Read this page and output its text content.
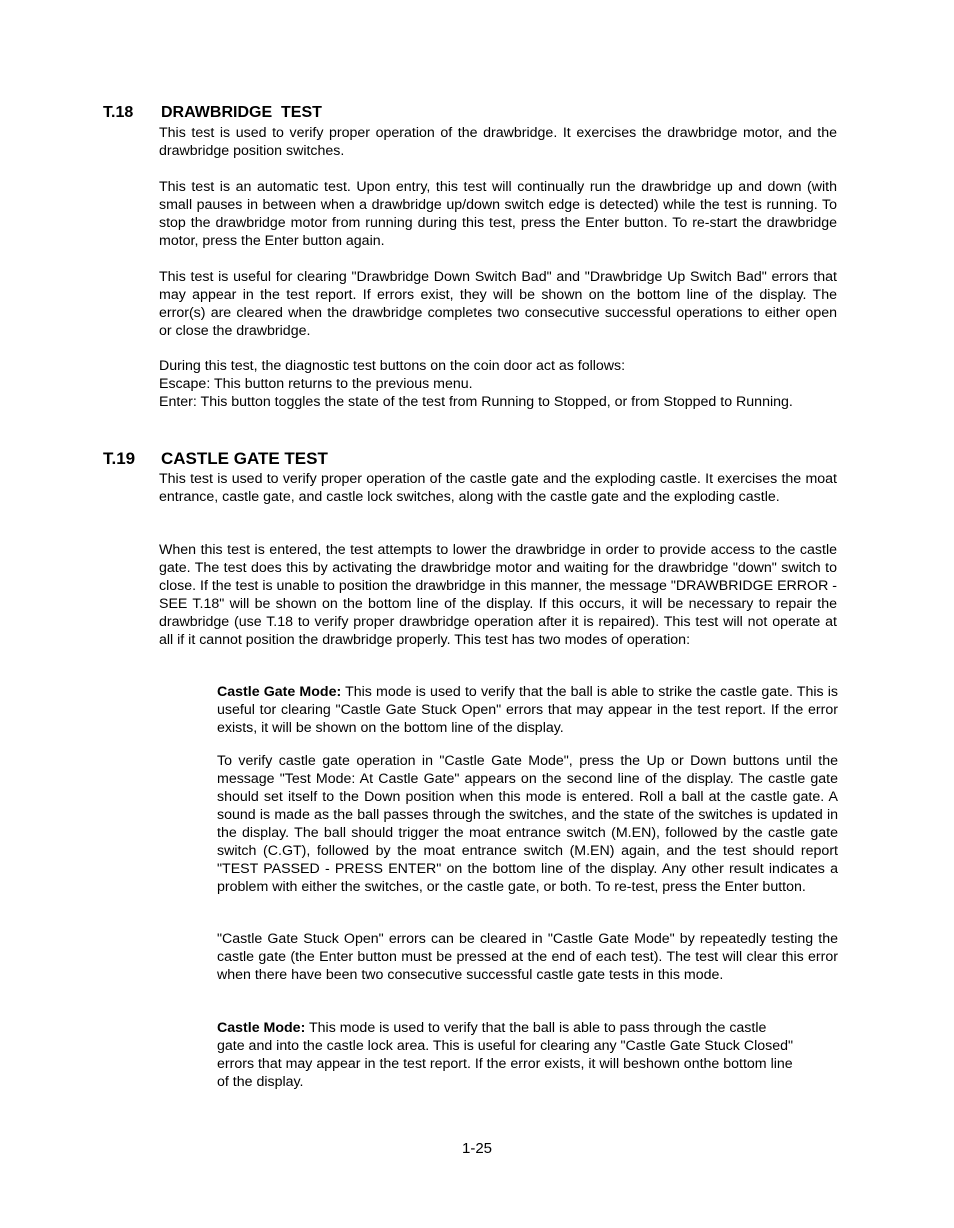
T.18 DRAWBRIDGE  TEST

This test is used to verify proper operation of the drawbridge. It exercises the drawbridge motor, and the drawbridge position switches.

This test is an automatic test. Upon entry, this test will continually run the drawbridge up and down (with small pauses in between when a drawbridge up/down switch edge is detected) while the test is running. To stop the drawbridge motor from running during this test, press the Enter button. To re-start the drawbridge motor, press the Enter button again.

This test is useful for clearing "Drawbridge Down Switch Bad" and "Drawbridge Up Switch Bad" errors that may appear in the test report. If errors exist, they will be shown on the bottom line of the display. The error(s) are cleared when the drawbridge completes two consecutive successful operations to either open or close the drawbridge.

During this test, the diagnostic test buttons on the coin door act as follows:

Escape: This button returns to the previous menu.

Enter: This button toggles the state of the test from Running to Stopped, or from Stopped to Running.

T.19 CASTLE GATE TEST

This test is used to verify proper operation of the castle gate and the exploding castle. It exercises the moat entrance, castle gate, and castle lock switches, along with the castle gate and the exploding castle.

When this test is entered, the test attempts to lower the drawbridge in order to provide access to the castle gate. The test does this by activating the drawbridge motor and waiting for the drawbridge "down" switch to close. If the test is unable to position the drawbridge in this manner, the message "DRAWBRIDGE ERROR - SEE T.18" will be shown on the bottom line of the display. If this occurs, it will be necessary to repair the drawbridge (use T.18 to verify proper drawbridge operation after it is repaired). This test will not operate at all if it cannot position the drawbridge properly. This test has two modes of operation:

Castle Gate Mode: This mode is used to verify that the ball is able to strike the castle gate. This is useful tor clearing "Castle Gate Stuck Open" errors that may appear in the test report. If the error exists, it will be shown on the bottom line of the display.

To verify castle gate operation in "Castle Gate Mode", press the Up or Down buttons until the message "Test Mode: At Castle Gate" appears on the second line of the display. The castle gate should set itself to the Down position when this mode is entered. Roll a ball at the castle gate. A sound is made as the ball passes through the switches, and the state of the switches is updated in the display. The ball should trigger the moat entrance switch (M.EN), followed by the castle gate switch (C.GT), followed by the moat entrance switch (M.EN) again, and the test should report "TEST PASSED - PRESS ENTER" on the bottom line of the display. Any other result indicates a problem with either the switches, or the castle gate, or both. To re-test, press the Enter button.

"Castle Gate Stuck Open" errors can be cleared in "Castle Gate Mode" by repeatedly testing the castle gate (the Enter button must be pressed at the end of each test). The test will clear this error when there have been two consecutive successful castle gate tests in this mode.

Castle Mode: This mode is used to verify that the ball is able to pass through the castle gate and into the castle lock area. This is useful for clearing any "Castle Gate Stuck Closed" errors that may appear in the test report. If the error exists, it will beshown onthe bottom line of the display.

1-25
